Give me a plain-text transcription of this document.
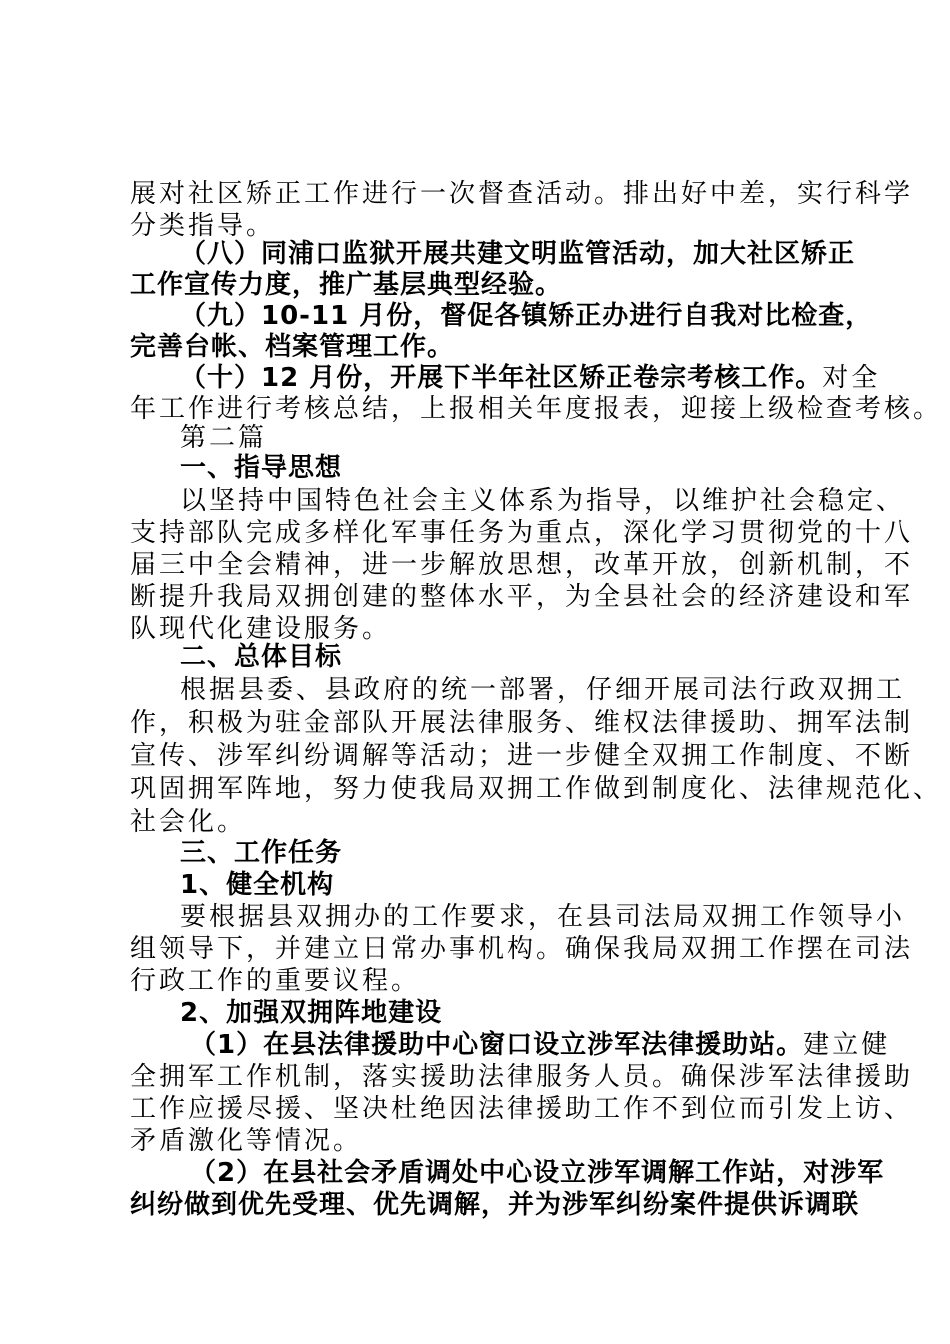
展对社区矫正工作进行一次督查活动。排出好中差，实行科学
分类指导。
（八）同浦口监狱开展共建文明监管活动，加大社区矫正
工作宣传力度，推广基层典型经验。
（九）10-11 月份，督促各镇矫正办进行自我对比检查，
完善台帐、档案管理工作。
（十）12 月份，开展下半年社区矫正卷宗考核工作。对全
年工作进行考核总结，上报相关年度报表，迎接上级检查考核。
第二篇
一、指导思想
以坚持中国特色社会主义体系为指导，以维护社会稳定、
支持部队完成多样化军事任务为重点，深化学习贯彻党的十八
届三中全会精神，进一步解放思想，改革开放，创新机制，不
断提升我局双拥创建的整体水平，为全县社会的经济建设和军
队现代化建设服务。
二、总体目标
根据县委、县政府的统一部署，仔细开展司法行政双拥工
作，积极为驻金部队开展法律服务、维权法律援助、拥军法制
宣传、涉军纠纷调解等活动；进一步健全双拥工作制度、不断
巩固拥军阵地，努力使我局双拥工作做到制度化、法律规范化、
社会化。
三、工作任务
1、健全机构
要根据县双拥办的工作要求，在县司法局双拥工作领导小
组领导下，并建立日常办事机构。确保我局双拥工作摆在司法
行政工作的重要议程。
2、加强双拥阵地建设
（1）在县法律援助中心窗口设立涉军法律援助站。建立健
全拥军工作机制，落实援助法律服务人员。确保涉军法律援助
工作应援尽援、坚决杜绝因法律援助工作不到位而引发上访、
矛盾激化等情况。
（2）在县社会矛盾调处中心设立涉军调解工作站，对涉军
纠纷做到优先受理、优先调解，并为涉军纠纷案件提供诉调联
